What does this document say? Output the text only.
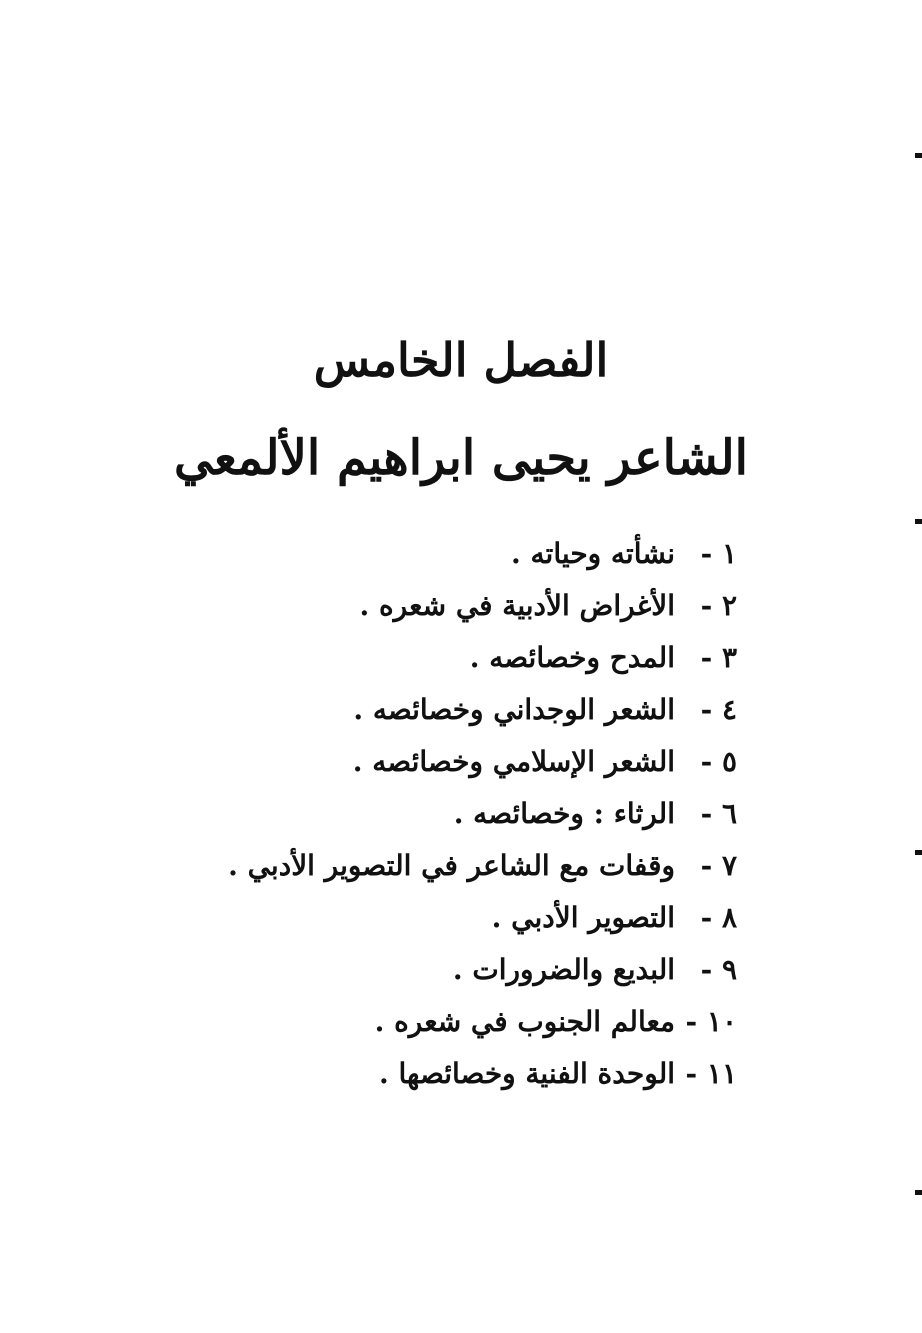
الفصل الخامس
الشاعر يحيى ابراهيم الألمعي
١ -
نشأته وحياته .
٢ -
الأغراض الأدبية في شعره .
٣ -
المدح وخصائصه .
٤ -
الشعر الوجداني وخصائصه .
٥ -
الشعر الإسلامي وخصائصه .
٦ -
الرثاء : وخصائصه .
٧ -
وقفات مع الشاعر في التصوير الأدبي .
٨ -
التصوير الأدبي .
٩ -
البديع والضرورات .
١٠ -
معالم الجنوب في شعره .
١١ -
الوحدة الفنية وخصائصها .
